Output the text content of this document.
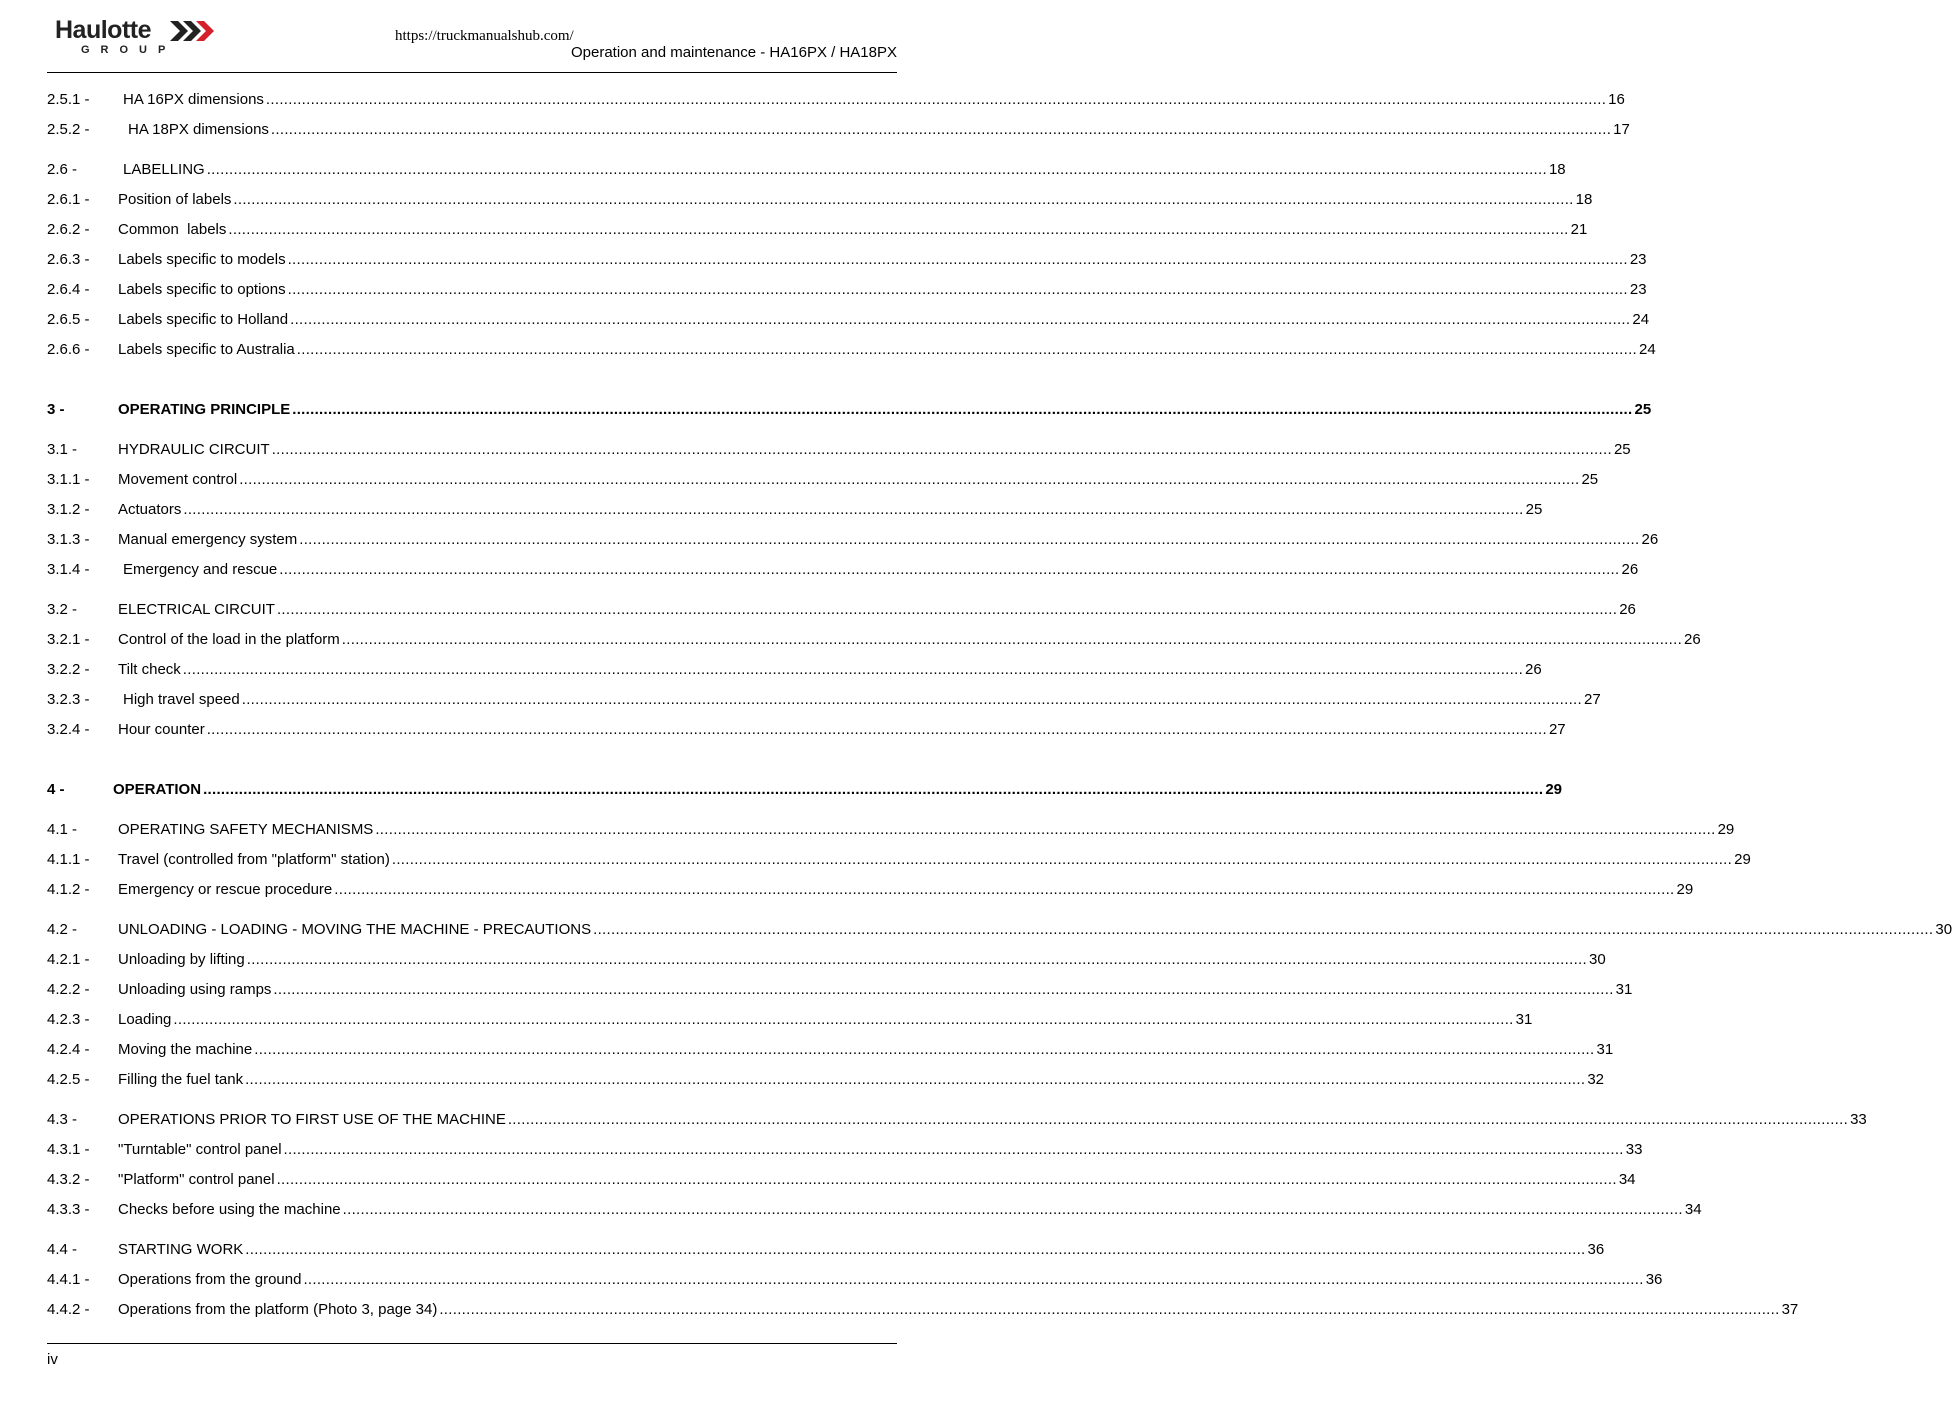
Haulotte
GROUP
https://truckmanualshub.com/
Operation and maintenance - HA16PX / HA18PX
2.5.1 -	HA 16PX dimensions ............................................................................................................................................................................................................................................................................................................ 16
2.5.2 -	HA 18PX dimensions ............................................................................................................................................................................................................................................................................................................ 17
2.6 -	LABELLING ............................................................................................................................................................................................................................................................................................................ 18
2.6.1 -	Position of labels ............................................................................................................................................................................................................................................................................................................ 18
2.6.2 -	Common  labels ............................................................................................................................................................................................................................................................................................................ 21
2.6.3 -	Labels specific to models ............................................................................................................................................................................................................................................................................................................ 23
2.6.4 -	Labels specific to options ............................................................................................................................................................................................................................................................................................................ 23
2.6.5 -	Labels specific to Holland ............................................................................................................................................................................................................................................................................................................ 24
2.6.6 -	Labels specific to Australia ............................................................................................................................................................................................................................................................................................................ 24
3 -	OPERATING PRINCIPLE ............................................................................................................................................................................................................................................................................................................ 25
3.1 -	HYDRAULIC CIRCUIT ............................................................................................................................................................................................................................................................................................................ 25
3.1.1 -	Movement control ............................................................................................................................................................................................................................................................................................................ 25
3.1.2 -	Actuators ............................................................................................................................................................................................................................................................................................................ 25
3.1.3 -	Manual emergency system ............................................................................................................................................................................................................................................................................................................ 26
3.1.4 -	Emergency and rescue ............................................................................................................................................................................................................................................................................................................ 26
3.2 -	ELECTRICAL CIRCUIT ............................................................................................................................................................................................................................................................................................................ 26
3.2.1 -	Control of the load in the platform ............................................................................................................................................................................................................................................................................................................ 26
3.2.2 -	Tilt check ............................................................................................................................................................................................................................................................................................................ 26
3.2.3 -	High travel speed ............................................................................................................................................................................................................................................................................................................ 27
3.2.4 -	Hour counter ............................................................................................................................................................................................................................................................................................................ 27
4 -	OPERATION ............................................................................................................................................................................................................................................................................................................ 29
4.1 -	OPERATING SAFETY MECHANISMS ............................................................................................................................................................................................................................................................................................................ 29
4.1.1 -	Travel (controlled from "platform" station) ............................................................................................................................................................................................................................................................................................................ 29
4.1.2 -	Emergency or rescue procedure ............................................................................................................................................................................................................................................................................................................ 29
4.2 -	UNLOADING - LOADING - MOVING THE MACHINE - PRECAUTIONS ............................................................................................................................................................................................................................................................................................................ 30
4.2.1 -	Unloading by lifting ............................................................................................................................................................................................................................................................................................................ 30
4.2.2 -	Unloading using ramps ............................................................................................................................................................................................................................................................................................................ 31
4.2.3 -	Loading ............................................................................................................................................................................................................................................................................................................ 31
4.2.4 -	Moving the machine ............................................................................................................................................................................................................................................................................................................ 31
4.2.5 -	Filling the fuel tank ............................................................................................................................................................................................................................................................................................................ 32
4.3 -	OPERATIONS PRIOR TO FIRST USE OF THE MACHINE ............................................................................................................................................................................................................................................................................................................ 33
4.3.1 -	"Turntable" control panel ............................................................................................................................................................................................................................................................................................................ 33
4.3.2 -	"Platform" control panel ............................................................................................................................................................................................................................................................................................................ 34
4.3.3 -	Checks before using the machine ............................................................................................................................................................................................................................................................................................................ 34
4.4 -	STARTING WORK ............................................................................................................................................................................................................................................................................................................ 36
4.4.1 -	Operations from the ground ............................................................................................................................................................................................................................................................................................................ 36
4.4.2 -	Operations from the platform (Photo 3, page 34) ............................................................................................................................................................................................................................................................................................................ 37
iv
